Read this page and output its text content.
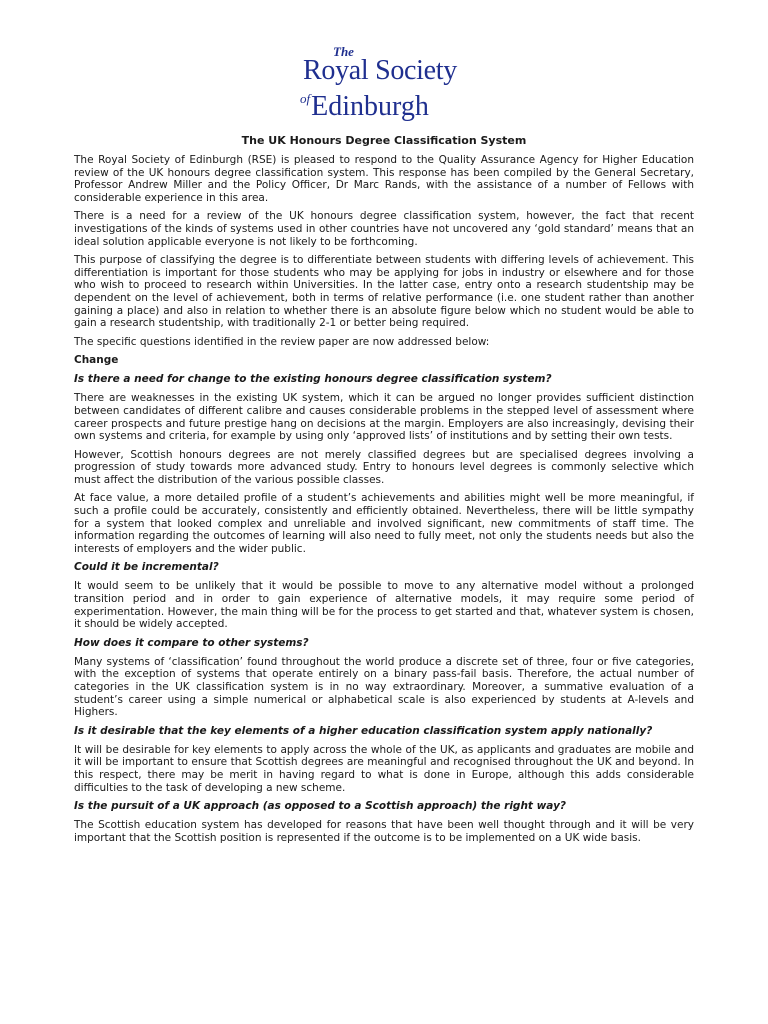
The
Royal Society
$^{of}$Edinburgh
The UK Honours Degree Classification System

The Royal Society of Edinburgh (RSE) is pleased to respond to the Quality Assurance Agency for Higher Education review of the UK honours degree classification system. This response has been compiled by the General Secretary, Professor Andrew Miller and the Policy Officer, Dr Marc Rands, with the assistance of a number of Fellows with considerable experience in this area.

There is a need for a review of the UK honours degree classification system, however, the fact that recent investigations of the kinds of systems used in other countries have not uncovered any ‘gold standard’ means that an ideal solution applicable everyone is not likely to be forthcoming.

This purpose of classifying the degree is to differentiate between students with differing levels of achievement. This differentiation is important for those students who may be applying for jobs in industry or elsewhere and for those who wish to proceed to research within Universities. In the latter case, entry onto a research studentship may be dependent on the level of achievement, both in terms of relative performance (i.e. one student rather than another gaining a place) and also in relation to whether there is an absolute figure below which no student would be able to gain a research studentship, with traditionally 2-1 or better being required.

The specific questions identified in the review paper are now addressed below:

Change
Is there a need for change to the existing honours degree classification system?

There are weaknesses in the existing UK system, which it can be argued no longer provides sufficient distinction between candidates of different calibre and causes considerable problems in the stepped level of assessment where career prospects and future prestige hang on decisions at the margin. Employers are also increasingly, devising their own systems and criteria, for example by using only ‘approved lists’ of institutions and by setting their own tests.

However, Scottish honours degrees are not merely classified degrees but are specialised degrees involving a progression of study towards more advanced study. Entry to honours level degrees is commonly selective which must affect the distribution of the various possible classes.

At face value, a more detailed profile of a student’s achievements and abilities might well be more meaningful, if such a profile could be accurately, consistently and efficiently obtained. Nevertheless, there will be little sympathy for a system that looked complex and unreliable and involved significant, new commitments of staff time. The information regarding the outcomes of learning will also need to fully meet, not only the students needs but also the interests of employers and the wider public.

Could it be incremental?

It would seem to be unlikely that it would be possible to move to any alternative model without a prolonged transition period and in order to gain experience of alternative models, it may require some period of experimentation. However, the main thing will be for the process to get started and that, whatever system is chosen, it should be widely accepted.

How does it compare to other systems?

Many systems of ‘classification’ found throughout the world produce a discrete set of three, four or five categories, with the exception of systems that operate entirely on a binary pass-fail basis. Therefore, the actual number of categories in the UK classification system is in no way extraordinary. Moreover, a summative evaluation of a student’s career using a simple numerical or alphabetical scale is also experienced by students at A-levels and Highers.

Is it desirable that the key elements of a higher education classification system apply nationally?

It will be desirable for key elements to apply across the whole of the UK, as applicants and graduates are mobile and it will be important to ensure that Scottish degrees are meaningful and recognised throughout the UK and beyond. In this respect, there may be merit in having regard to what is done in Europe, although this adds considerable difficulties to the task of developing a new scheme.

Is the pursuit of a UK approach (as opposed to a Scottish approach) the right way?

The Scottish education system has developed for reasons that have been well thought through and it will be very important that the Scottish position is represented if the outcome is to be implemented on a UK wide basis.
